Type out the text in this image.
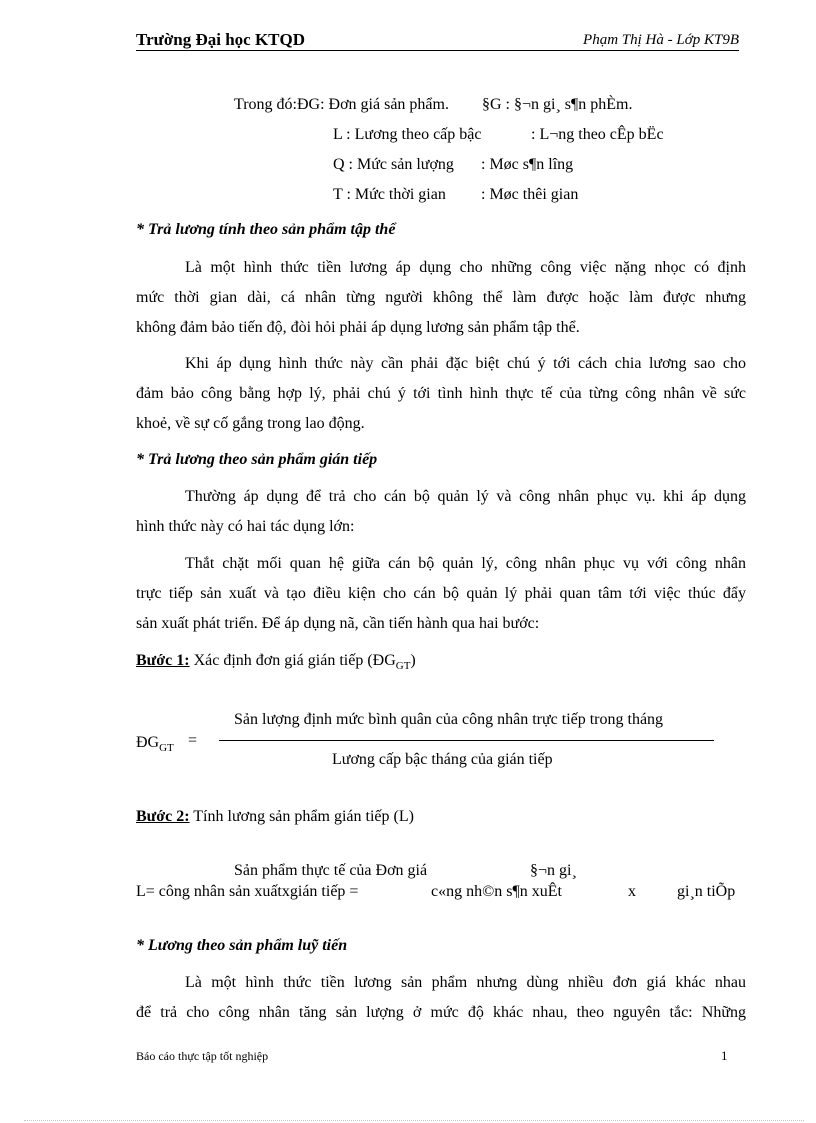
Trường Đại học KTQD	Phạm Thị Hà - Lớp KT9B
Trong đó:ĐG: Đơn giá sản phẩm. §G : §¬n gi¸ s¶n phÈm.
L : Lương theo cấp bậc	: L¬ng theo cÊp bËc
Q : Mức sản lượng : Møc s¶n lîng
T : Mức thời gian : Møc thêi gian
* Trả lương tính theo sản phẩm tập thể
Là một hình thức tiền lương áp dụng cho những công việc nặng nhọc có định
mức thời gian dài, cá nhân từng người không thể làm được hoặc làm được nhưng
không đảm bảo tiến độ, đòi hỏi phải áp dụng lương sản phẩm tập thể.
Khi áp dụng hình thức này cần phải đặc biệt chú ý tới cách chia lương sao cho
đảm bảo công bằng hợp lý, phải chú ý tới tình hình thực tế của từng công nhân về sức
khoẻ, về sự cố gắng trong lao động.
* Trả lương theo sản phẩm gián tiếp
Thường áp dụng để trả cho cán bộ quản lý và công nhân phục vụ. khi áp dụng
hình thức này có hai tác dụng lớn:
Thắt chặt mối quan hệ giữa cán bộ quản lý, công nhân phục vụ với công nhân
trực tiếp sản xuất và tạo điều kiện cho cán bộ quản lý phải quan tâm tới việc thúc đẩy
sản xuất phát triển. Để áp dụng nã, cần tiến hành qua hai bước:
Bước 1: Xác định đơn giá gián tiếp $(ĐG_{GT})$
Sản lượng định mức bình quân của công nhân trực tiếp trong tháng
$ĐG_{GT}$ =
Lương cấp bậc tháng của gián tiếp
Bước 2: Tính lương sản phẩm gián tiếp (L)
Sản phẩm thực tế của Đơn giá	§¬n gi¸
L= công nhân sản xuấtxgián tiếp =	c«ng nh©n s¶n xuÊt	x	gi¸n tiÕp
* Lương theo sản phẩm luỹ tiến
Là một hình thức tiền lương sản phẩm nhưng dùng nhiều đơn giá khác nhau
để trả cho công nhân tăng sản lượng ở mức độ khác nhau, theo nguyên tắc: Những
Báo cáo thực tập tốt nghiệp	1
